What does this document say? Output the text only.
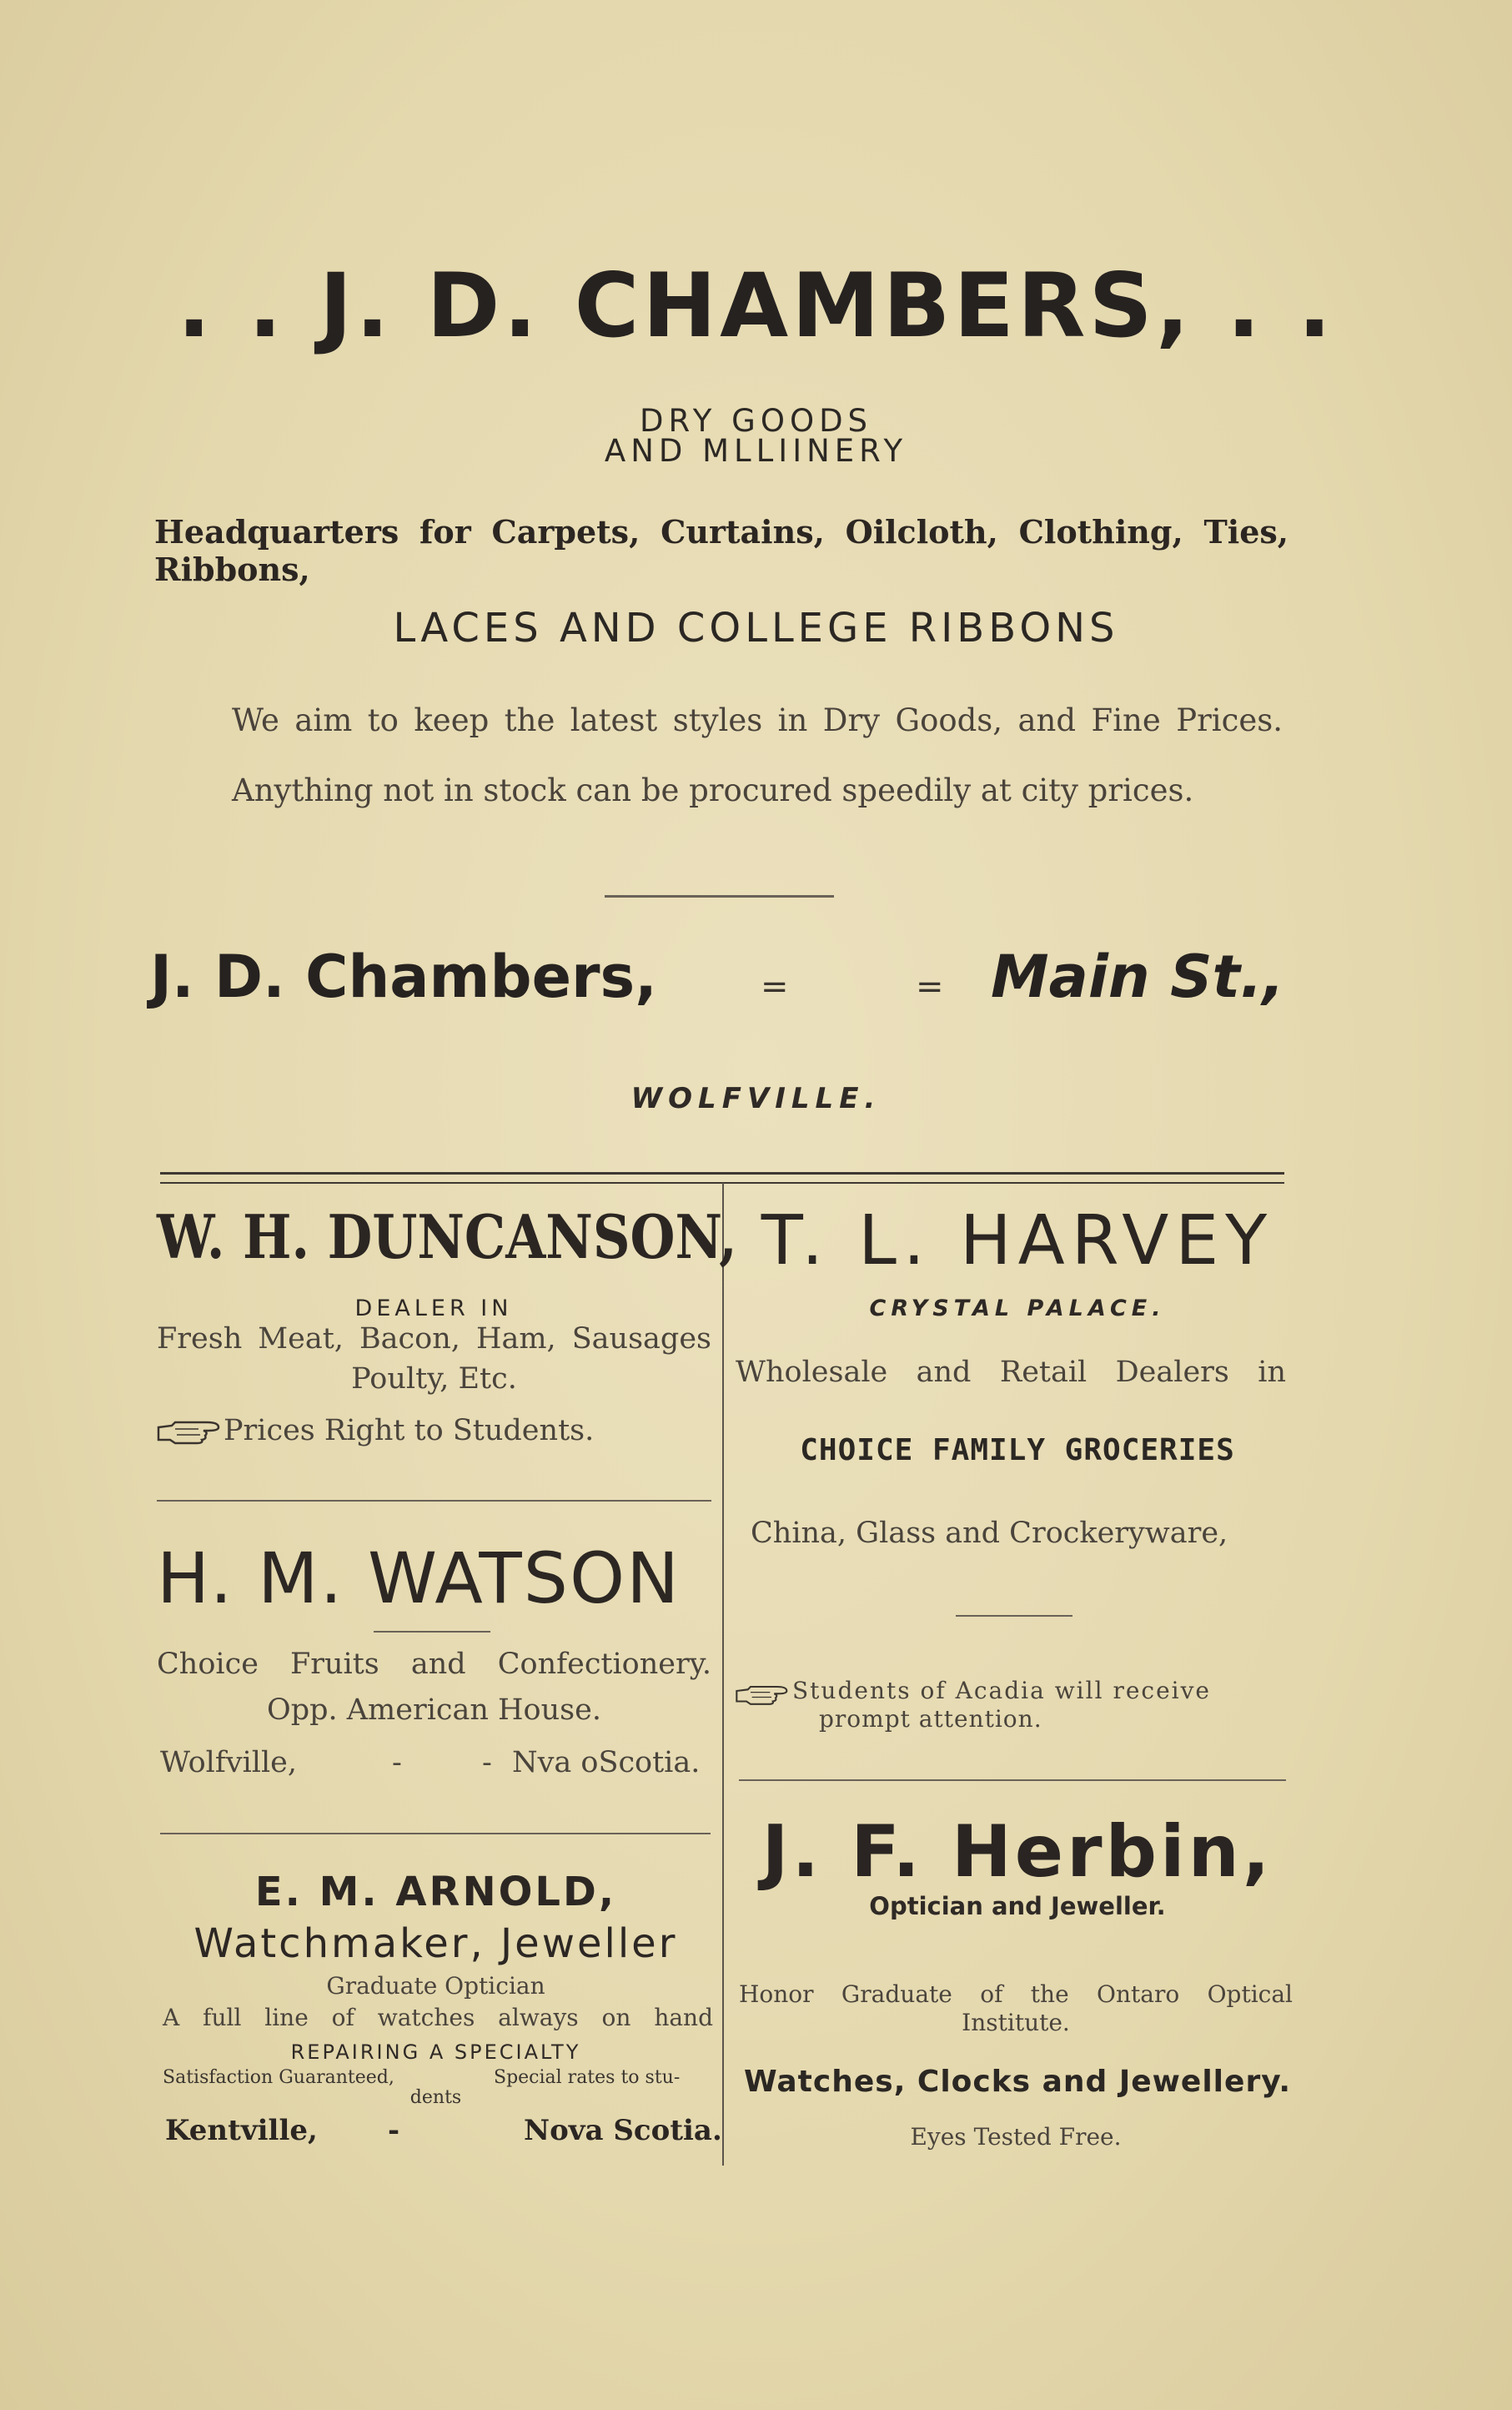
. . J. D. CHAMBERS, . .
DRY GOODS
AND MLLIINERY
Headquarters for Carpets, Curtains, Oilcloth, Clothing, Ties, Ribbons,
LACES AND COLLEGE RIBBONS
We aim to keep the latest styles in Dry Goods, and Fine Prices.
Anything not in stock can be procured speedily at city prices.
J. D. Chambers,	=	= Main St.,
WOLFVILLE.
W. H. DUNCANSON,
DEALER IN
Fresh Meat, Bacon, Ham, Sausages
Poulty, Etc.
Prices Right to Students.
H. M. WATSON
Choice Fruits and Confectionery.
Opp. American House.
Wolfville,	-	- Nva oScotia.
E. M. ARNOLD,
Watchmaker, Jeweller
Graduate Optician
A full line of watches always on hand
REPAIRING A SPECIALTY
Satisfaction Guaranteed,	Special rates to stu-
dents
Kentville, -	Nova Scotia.
T. L. HARVEY
CRYSTAL PALACE.
Wholesale and Retail Dealers in
CHOICE FAMILY GROCERIES
China, Glass and Crockeryware,
Students of Acadia will receive
prompt attention.
J. F. Herbin,
Optician and Jeweller.
Honor Graduate of the Ontaro Optical
Institute.
Watches, Clocks and Jewellery.
Eyes Tested Free.
